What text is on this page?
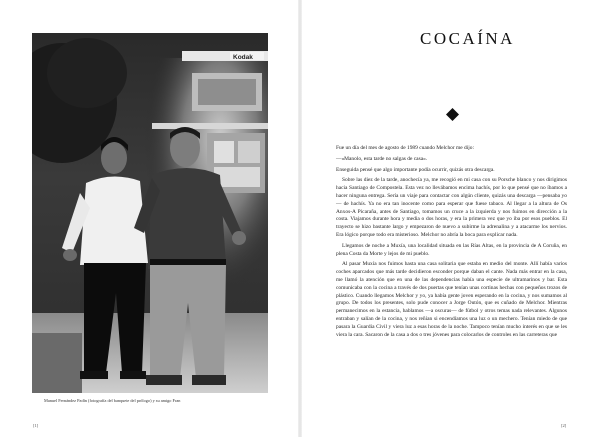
Kodak
Manuel Fernández Padín (fotografía del banquete del prólogo) y su amigo Fran
[1]
COCAÍNA

Fue un día del mes de agosto de 1989 cuando Melchor me dijo:

—«Manolo, esta tarde no salgas de casa».

Enseguida pensé que algo importante podía ocurrir, quizás otra descarga.

Sobre las diez de la tarde, anochecía ya, me recogió en mi casa con su Porsche blanco y nos dirigimos hacia Santiago de Compostela. Esta vez no llevábamos encima hachís, por lo que pensé que no íbamos a hacer ninguna entrega. Sería un viaje para contactar con algún cliente, quizás una descarga —pensaba yo— de hachís. Ya no era tan inocente como para esperar que fuese tabaco. Al llegar a la altura de Os Anxos-A Picaraña, antes de Santiago, tomamos un cruce a la izquierda y nos fuimos en dirección a la costa. Viajamos durante hora y media o dos horas, y era la primera vez que yo iba por esos pueblos. El trayecto se hizo bastante largo y empezaron de nuevo a subirme la adrenalina y a atacarme los nervios. Era lógico porque todo era misterioso. Melchor no abría la boca para explicar nada.

Llegamos de noche a Muxía, una localidad situada en las Rías Altas, en la provincia de A Coruña, en plena Costa da Morte y lejos de mi pueblo.

Al pasar Muxía nos fuimos hasta una casa solitaria que estaba en medio del monte. Allí había varios coches aparcados que más tarde decidieron esconder porque daban el cante. Nada más entrar en la casa, me llamó la atención que en una de las dependencias había una especie de ultramarinos y bar. Esta comunicaba con la cocina a través de dos puertas que tenían unas cortinas hechas con pequeños trozos de plástico. Cuando llegamos Melchor y yo, ya había gente joven esperando en la cocina, y nos sumamos al grupo. De todos los presentes, solo pude conocer a Jorge Outón, que es cuñado de Melchor. Mientras permanecimos en la estancia, hablamos —a oscuras— de fútbol y otros temas nada relevantes. Algunos entraban y salían de la cocina, y nos reñían si encendíamos una luz o un mechero. Tenían miedo de que pasara la Guardia Civil y viera luz a esas horas de la noche. Tampoco tenían mucho interés en que se les viera la cara. Sacaron de la casa a dos o tres jóvenes para colocarlos de controles en las carreteras que

[2]
